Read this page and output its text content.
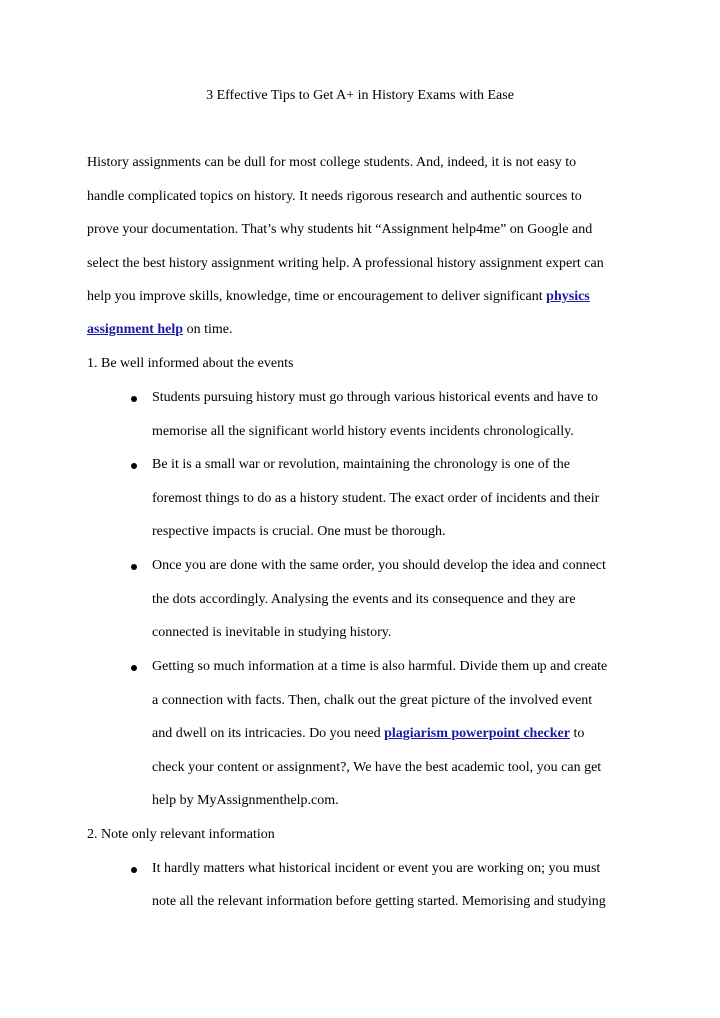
3 Effective Tips to Get A+ in History Exams with Ease
History assignments can be dull for most college students. And, indeed, it is not easy to
handle complicated topics on history. It needs rigorous research and authentic sources to
prove your documentation. That’s why students hit “Assignment help4me” on Google and
select the best history assignment writing help. A professional history assignment expert can
help you improve skills, knowledge, time or encouragement to deliver significant physics
assignment help on time.
1. Be well informed about the events
Students pursuing history must go through various historical events and have to
memorise all the significant world history events incidents chronologically.
Be it is a small war or revolution, maintaining the chronology is one of the
foremost things to do as a history student. The exact order of incidents and their
respective impacts is crucial. One must be thorough.
Once you are done with the same order, you should develop the idea and connect
the dots accordingly. Analysing the events and its consequence and they are
connected is inevitable in studying history.
Getting so much information at a time is also harmful. Divide them up and create
a connection with facts. Then, chalk out the great picture of the involved event
and dwell on its intricacies. Do you need plagiarism powerpoint checker to
check your content or assignment?, We have the best academic tool, you can get
help by MyAssignmenthelp.com.
2. Note only relevant information
It hardly matters what historical incident or event you are working on; you must
note all the relevant information before getting started. Memorising and studying
